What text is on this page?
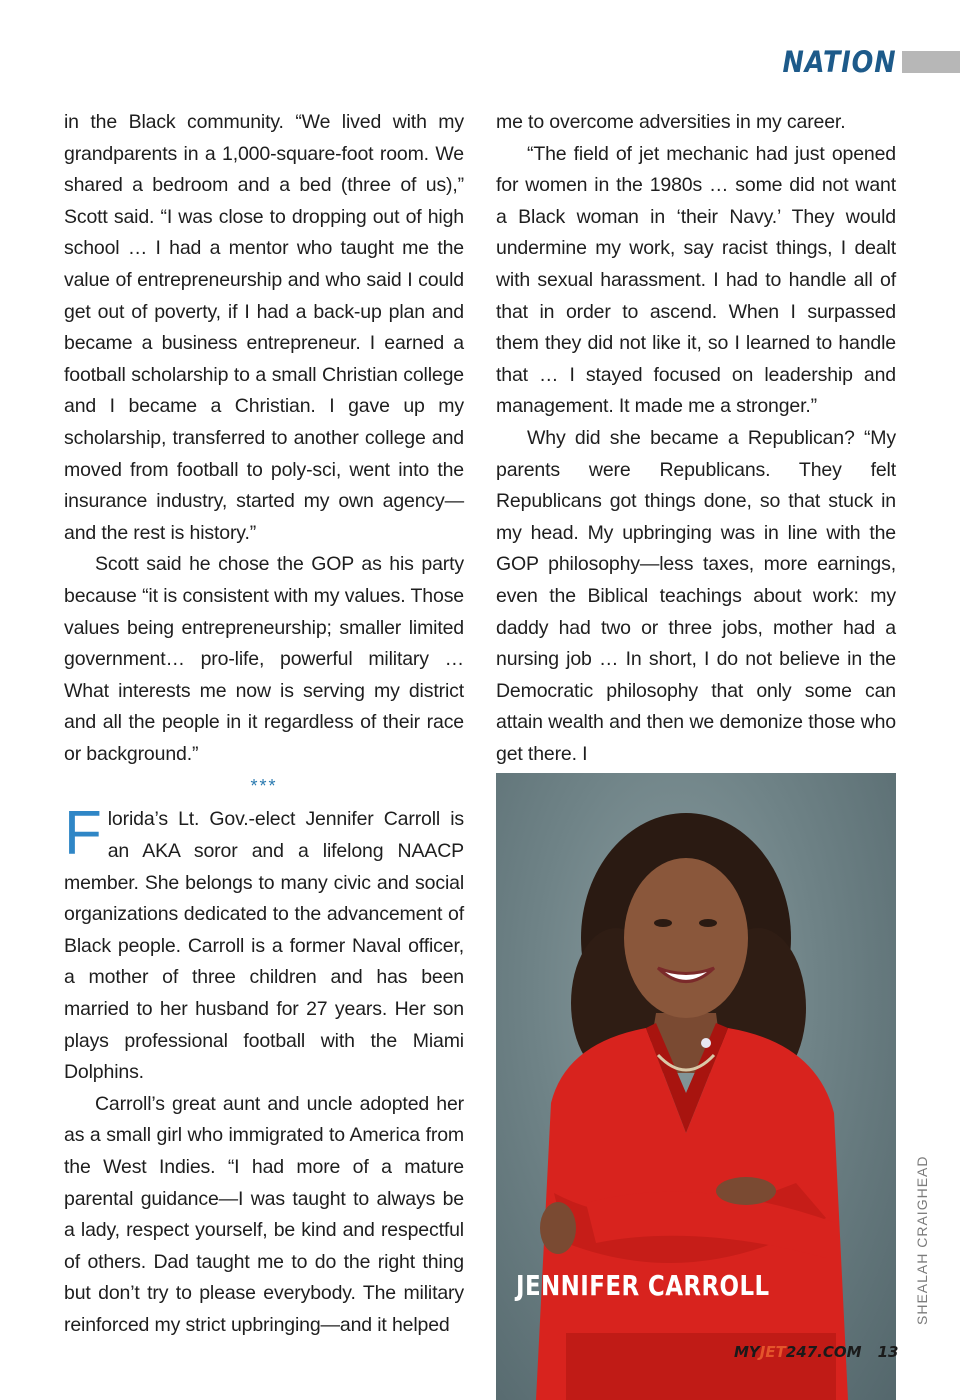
NATION

in the Black community. “We lived with my grandparents in a 1,000-square-foot room. We shared a bedroom and a bed (three of us),” Scott said. “I was close to dropping out of high school … I had a mentor who taught me the value of entrepreneurship and who said I could get out of poverty, if I had a back-up plan and became a business entrepreneur. I earned a football scholarship to a small Christian college and I became a Christian. I gave up my scholarship, transferred to another college and moved from football to poly-sci, went into the insurance industry, started my own agency—and the rest is history.”

Scott said he chose the GOP as his party because “it is consistent with my values. Those values being entrepreneurship; smaller limited government… pro-life, powerful military … What interests me now is serving my district and all the people in it regardless of their race or background.”

***

Florida’s Lt. Gov.-elect Jennifer Carroll is an AKA soror and a lifelong NAACP member. She belongs to many civic and social organizations dedicated to the advancement of Black people. Carroll is a former Naval officer, a mother of three children and has been married to her husband for 27 years. Her son plays professional football with the Miami Dolphins.

Carroll’s great aunt and uncle adopted her as a small girl who immigrated to America from the West Indies. “I had more of a mature parental guidance—I was taught to always be a lady, respect yourself, be kind and respectful of others. Dad taught me to do the right thing but don’t try to please everybody. The military reinforced my strict upbringing—and it helped

me to overcome adversities in my career.

“The field of jet mechanic had just opened for women in the 1980s … some did not want a Black woman in ‘their Navy.’ They would undermine my work, say racist things, I dealt with sexual harassment. I had to handle all of that in order to ascend. When I surpassed them they did not like it, so I learned to handle that … I stayed focused on leadership and management. It made me a stronger.”

Why did she became a Republican? “My parents were Republicans. They felt Republicans got things done, so that stuck in my head. My upbringing was in line with the GOP philosophy—less taxes, more earnings, even the Biblical teachings about work: my daddy had two or three jobs, mother had a nursing job … In short, I do not believe in the Democratic philosophy that only some can attain wealth and then we demonize those who get there. I

JENNIFER CARROLL	SHEALAH CRAIGHEAD
MY JET 247.COM 13
